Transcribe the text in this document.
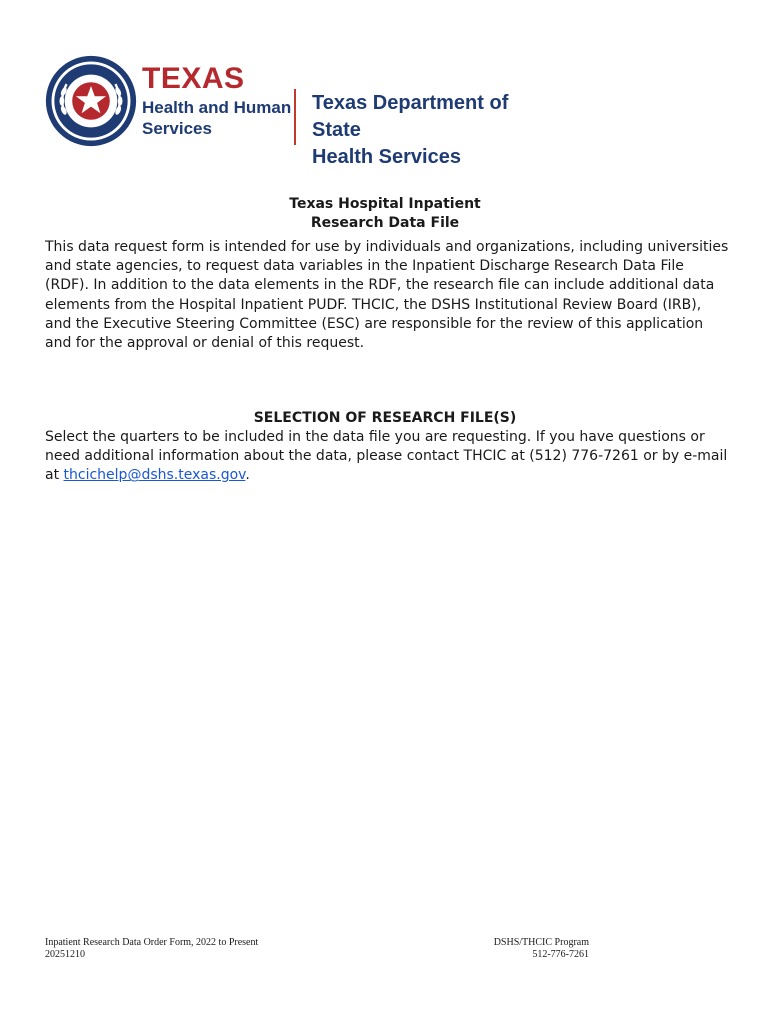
TEXAS
Health and Human
Services
Texas Department of State
Health Services
Texas Hospital Inpatient
Research Data File
This data request form is intended for use by individuals and organizations, including universities and state agencies, to request data variables in the Inpatient Discharge Research Data File (RDF). In addition to the data elements in the RDF, the research file can include additional data elements from the Hospital Inpatient PUDF. THCIC, the DSHS Institutional Review Board (IRB), and the Executive Steering Committee (ESC) are responsible for the review of this application and for the approval or denial of this request.
SELECTION OF RESEARCH FILE(S)
Select the quarters to be included in the data file you are requesting. If you have questions or need additional information about the data, please contact THCIC at (512) 776-7261 or by e-mail at thcichelp@dshs.texas.gov.
Inpatient Research Data Order Form, 2022 to Present
20251210
DSHS/THCIC Program
512-776-7261
